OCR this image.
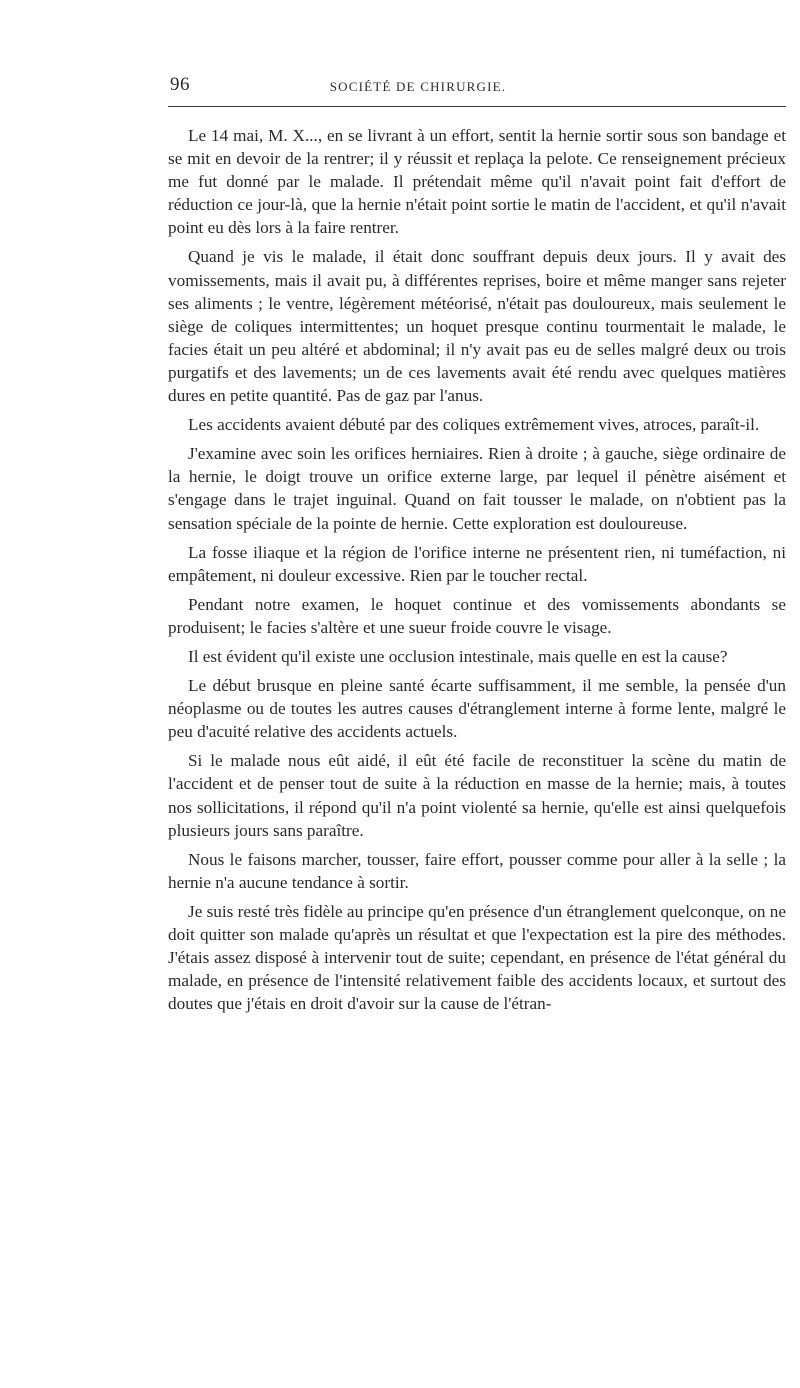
96	SOCIÉTÉ DE CHIRURGIE.

Le 14 mai, M. X..., en se livrant à un effort, sentit la hernie sortir sous son bandage et se mit en devoir de la rentrer; il y réussit et replaça la pelote. Ce renseignement précieux me fut donné par le malade. Il prétendait même qu'il n'avait point fait d'effort de réduction ce jour-là, que la hernie n'était point sortie le matin de l'accident, et qu'il n'avait point eu dès lors à la faire rentrer.

Quand je vis le malade, il était donc souffrant depuis deux jours. Il y avait des vomissements, mais il avait pu, à différentes reprises, boire et même manger sans rejeter ses aliments ; le ventre, légèrement météorisé, n'était pas douloureux, mais seulement le siège de coliques intermittentes; un hoquet presque continu tourmentait le malade, le facies était un peu altéré et abdominal; il n'y avait pas eu de selles malgré deux ou trois purgatifs et des lavements; un de ces lavements avait été rendu avec quelques matières dures en petite quantité. Pas de gaz par l'anus.

Les accidents avaient débuté par des coliques extrêmement vives, atroces, paraît-il.

J'examine avec soin les orifices herniaires. Rien à droite ; à gauche, siège ordinaire de la hernie, le doigt trouve un orifice externe large, par lequel il pénètre aisément et s'engage dans le trajet inguinal. Quand on fait tousser le malade, on n'obtient pas la sensation spéciale de la pointe de hernie. Cette exploration est douloureuse.

La fosse iliaque et la région de l'orifice interne ne présentent rien, ni tuméfaction, ni empâtement, ni douleur excessive. Rien par le toucher rectal.

Pendant notre examen, le hoquet continue et des vomissements abondants se produisent; le facies s'altère et une sueur froide couvre le visage.

Il est évident qu'il existe une occlusion intestinale, mais quelle en est la cause?

Le début brusque en pleine santé écarte suffisamment, il me semble, la pensée d'un néoplasme ou de toutes les autres causes d'étranglement interne à forme lente, malgré le peu d'acuité relative des accidents actuels.

Si le malade nous eût aidé, il eût été facile de reconstituer la scène du matin de l'accident et de penser tout de suite à la réduction en masse de la hernie; mais, à toutes nos sollicitations, il répond qu'il n'a point violenté sa hernie, qu'elle est ainsi quelquefois plusieurs jours sans paraître.

Nous le faisons marcher, tousser, faire effort, pousser comme pour aller à la selle ; la hernie n'a aucune tendance à sortir.

Je suis resté très fidèle au principe qu'en présence d'un étranglement quelconque, on ne doit quitter son malade qu'après un résultat et que l'expectation est la pire des méthodes. J'étais assez disposé à intervenir tout de suite; cependant, en présence de l'état général du malade, en présence de l'intensité relativement faible des accidents locaux, et surtout des doutes que j'étais en droit d'avoir sur la cause de l'étran-
